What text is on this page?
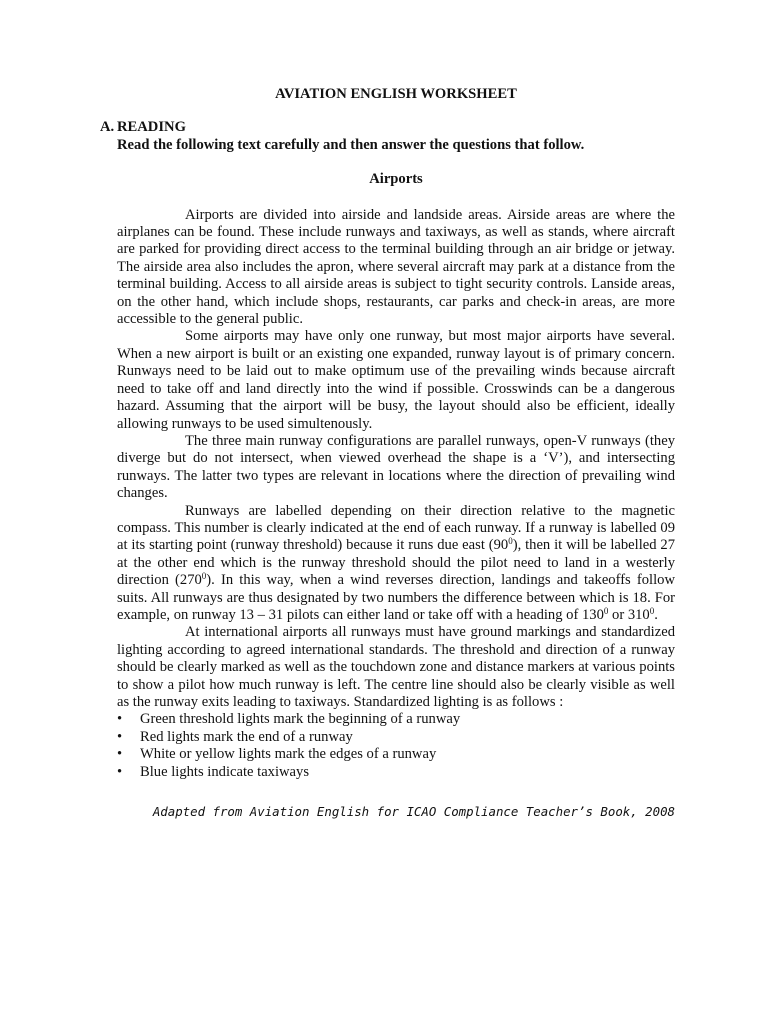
AVIATION ENGLISH WORKSHEET
A. READING
Read the following text carefully and then answer the questions that follow.
Airports

Airports are divided into airside and landside areas. Airside areas are where the airplanes can be found. These include runways and taxiways, as well as stands, where aircraft are parked for providing direct access to the terminal building through an air bridge or jetway. The airside area also includes the apron, where several aircraft may park at a distance from the terminal building. Access to all airside areas is subject to tight security controls. Lanside areas, on the other hand, which include shops, restaurants, car parks and check-in areas, are more accessible to the general public.

Some airports may have only one runway, but most major airports have several. When a new airport is built or an existing one expanded, runway layout is of primary concern. Runways need to be laid out to make optimum use of the prevailing winds because aircraft need to take off and land directly into the wind if possible. Crosswinds can be a dangerous hazard. Assuming that the airport will be busy, the layout should also be efficient, ideally allowing runways to be used simultenously.

The three main runway configurations are parallel runways, open-V runways (they diverge but do not intersect, when viewed overhead the shape is a ‘V’), and intersecting runways. The latter two types are relevant in locations where the direction of prevailing wind changes.

Runways are labelled depending on their direction relative to the magnetic compass. This number is clearly indicated at the end of each runway. If a runway is labelled 09 at its starting point (runway threshold) because it runs due east $(90^0)$, then it will be labelled 27 at the other end which is the runway threshold should the pilot need to land in a westerly direction $(270^0)$. In this way, when a wind reverses direction, landings and takeoffs follow suits. All runways are thus designated by two numbers the difference between which is 18. For example, on runway 13 – 31 pilots can either land or take off with a heading of $130^0$ or $310^0$.

At international airports all runways must have ground markings and standardized lighting according to agreed international standards. The threshold and direction of a runway should be clearly marked as well as the touchdown zone and distance markers at various points to show a pilot how much runway is left. The centre line should also be clearly visible as well as the runway exits leading to taxiways. Standardized lighting is as follows :

• Green threshold lights mark the beginning of a runway
• Red lights mark the end of a runway
• White or yellow lights mark the edges of a runway
• Blue lights indicate taxiways
Adapted from Aviation English for ICAO Compliance Teacher’s Book, 2008
